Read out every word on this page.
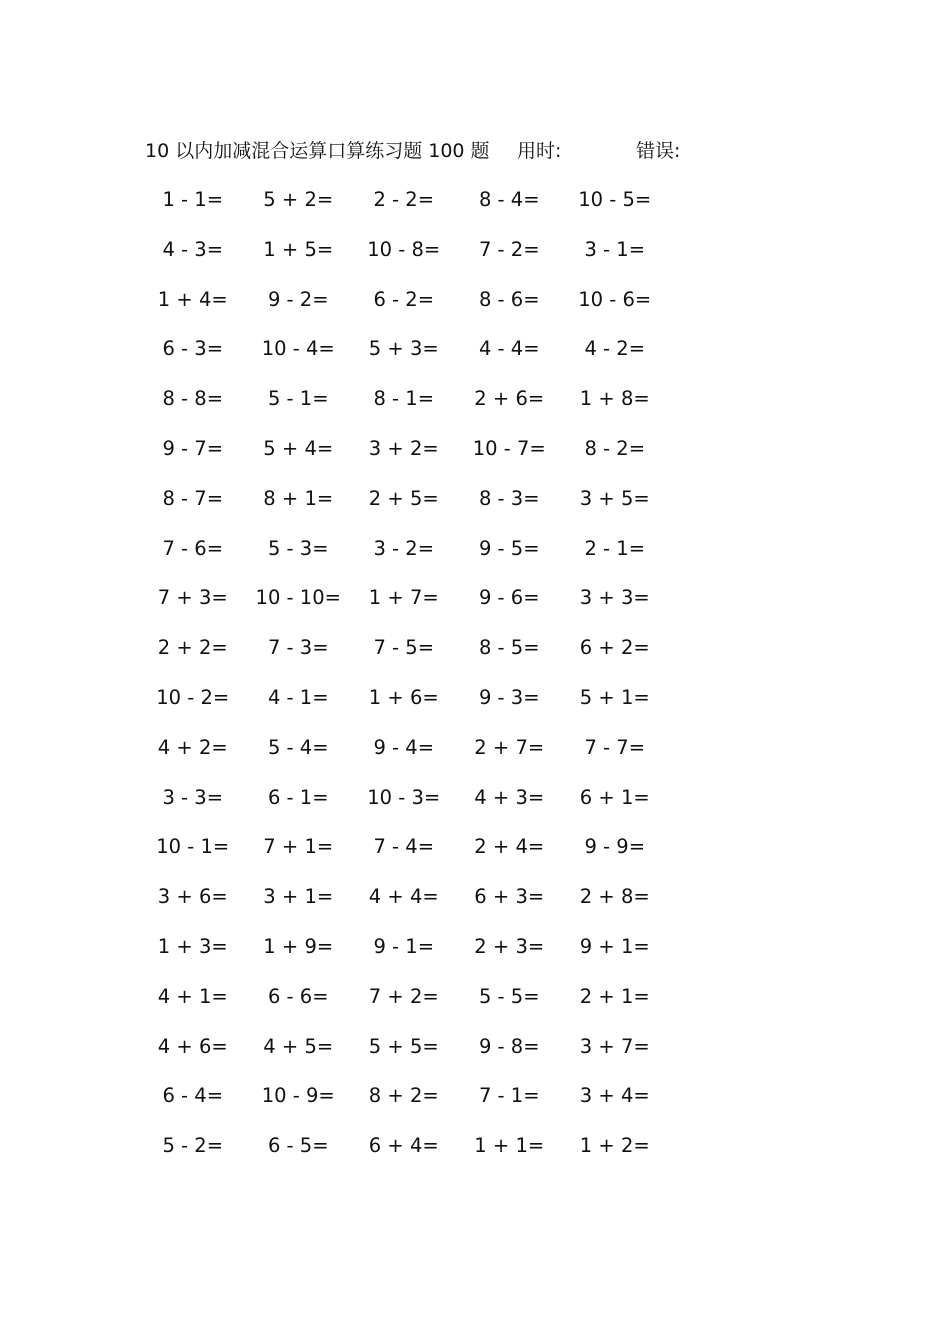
10 以内加减混合运算口算练习题 100 题 用时:	错误:
1 - 1=	5 + 2=	2 - 2=	8 - 4=	10 - 5=
4 - 3=	1 + 5=	10 - 8=	7 - 2=	3 - 1=
1 + 4=	9 - 2=	6 - 2=	8 - 6=	10 - 6=
6 - 3=	10 - 4=	5 + 3=	4 - 4=	4 - 2=
8 - 8=	5 - 1=	8 - 1=	2 + 6=	1 + 8=
9 - 7=	5 + 4=	3 + 2=	10 - 7=	8 - 2=
8 - 7=	8 + 1=	2 + 5=	8 - 3=	3 + 5=
7 - 6=	5 - 3=	3 - 2=	9 - 5=	2 - 1=
7 + 3=	10 - 10=	1 + 7=	9 - 6=	3 + 3=
2 + 2=	7 - 3=	7 - 5=	8 - 5=	6 + 2=
10 - 2=	4 - 1=	1 + 6=	9 - 3=	5 + 1=
4 + 2=	5 - 4=	9 - 4=	2 + 7=	7 - 7=
3 - 3=	6 - 1=	10 - 3=	4 + 3=	6 + 1=
10 - 1=	7 + 1=	7 - 4=	2 + 4=	9 - 9=
3 + 6=	3 + 1=	4 + 4=	6 + 3=	2 + 8=
1 + 3=	1 + 9=	9 - 1=	2 + 3=	9 + 1=
4 + 1=	6 - 6=	7 + 2=	5 - 5=	2 + 1=
4 + 6=	4 + 5=	5 + 5=	9 - 8=	3 + 7=
6 - 4=	10 - 9=	8 + 2=	7 - 1=	3 + 4=
5 - 2=	6 - 5=	6 + 4=	1 + 1=	1 + 2=
